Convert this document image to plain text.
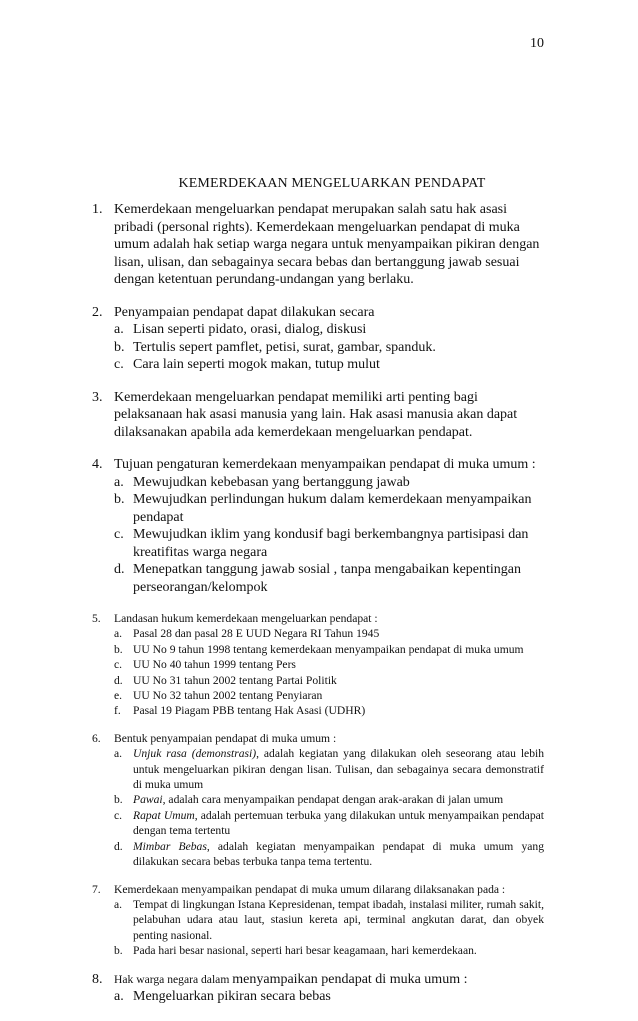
10
KEMERDEKAAN MENGELUARKAN PENDAPAT
1. Kemerdekaan mengeluarkan pendapat merupakan salah satu hak asasi pribadi (personal rights). Kemerdekaan mengeluarkan pendapat di muka umum adalah hak setiap warga negara untuk menyampaikan pikiran dengan lisan, ulisan, dan sebagainya secara bebas dan bertanggung jawab sesuai dengan ketentuan perundang-undangan yang berlaku.
2. Penyampaian pendapat dapat dilakukan secara
a. Lisan seperti pidato, orasi, dialog, diskusi
b. Tertulis sepert pamflet, petisi, surat, gambar, spanduk.
c. Cara lain seperti mogok makan, tutup mulut
3. Kemerdekaan mengeluarkan pendapat memiliki arti penting bagi pelaksanaan hak asasi manusia yang lain. Hak asasi manusia akan dapat dilaksanakan apabila ada kemerdekaan mengeluarkan pendapat.
4. Tujuan pengaturan kemerdekaan menyampaikan pendapat di muka umum :
a. Mewujudkan kebebasan yang bertanggung jawab
b. Mewujudkan perlindungan hukum dalam kemerdekaan menyampaikan pendapat
c. Mewujudkan iklim yang kondusif bagi berkembangnya partisipasi dan kreatifitas warga negara
d. Menepatkan tanggung jawab sosial , tanpa mengabaikan kepentingan perseorangan/kelompok
5.	Landasan hukum kemerdekaan mengeluarkan pendapat :
a. Pasal 28 dan pasal 28 E UUD Negara RI Tahun 1945
b. UU No 9 tahun 1998 tentang kemerdekaan menyampaikan pendapat di muka umum
c. UU No 40 tahun 1999 tentang Pers
d. UU No 31 tahun 2002 tentang Partai Politik
e. UU No 32 tahun 2002 tentang Penyiaran
f.	Pasal 19 Piagam PBB tentang Hak Asasi (UDHR)
6.	Bentuk penyampaian pendapat di muka umum :
a. Unjuk rasa (demonstrasi), adalah kegiatan yang dilakukan oleh seseorang atau lebih untuk mengeluarkan pikiran dengan lisan. Tulisan, dan sebagainya secara demonstratif di muka umum
b. Pawai, adalah cara menyampaikan pendapat dengan arak-arakan di jalan umum
c. Rapat Umum, adalah pertemuan terbuka yang dilakukan untuk menyampaikan pendapat dengan tema tertentu
d. Mimbar Bebas, adalah kegiatan menyampaikan pendapat di muka umum yang dilakukan secara bebas terbuka tanpa tema tertentu.
7.	Kemerdekaan menyampaikan pendapat di muka umum dilarang dilaksanakan pada :
a. Tempat di lingkungan Istana Kepresidenan, tempat ibadah, instalasi militer, rumah sakit, pelabuhan udara atau laut, stasiun kereta api, terminal angkutan darat, dan obyek penting nasional.
b. Pada hari besar nasional, seperti hari besar keagamaan, hari kemerdekaan.
8. Hak warga negara dalam menyampaikan pendapat di muka umum :
a. Mengeluarkan pikiran secara bebas
